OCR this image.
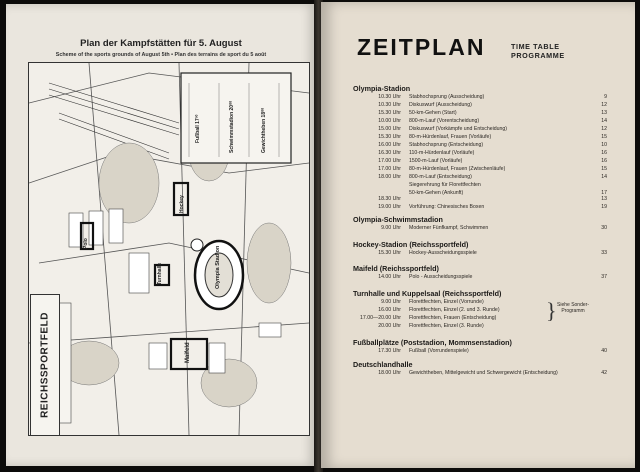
Plan der Kampfstätten für 5. August
Scheme of the sports grounds of August 5th • Plan des terrains de sport du 5 août
Fußball 17³⁰	Schwimmstadion 20⁰⁰	Gewichtheben 18⁰⁰
Olympia Stadion
Maifeld
Hockey
Turnhalle
Polo
REICHSSPORTFELD
ZEITPLAN	TIME TABLE
PROGRAMME
Olympia-Stadion
10.30 Uhr Stabhochsprung (Ausscheidung)	9
10.30 Uhr Diskuswurf (Ausscheidung)	12
15.30 Uhr 50-km-Gehen (Start)	13
10.00 Uhr 800-m-Lauf (Vorentscheidung)	14
15.00 Uhr Diskuswurf (Vorkämpfe und Entscheidung)	12
15.30 Uhr 80-m-Hürdenlauf, Frauen (Vorläufe)	15
16.00 Uhr Stabhochsprung (Entscheidung)	10
16.30 Uhr 110-m-Hürdenlauf (Vorläufe)	16
17.00 Uhr 1500-m-Lauf (Vorläufe)	16
17.00 Uhr 80-m-Hürdenlauf, Frauen (Zwischenläufe)	15
18.00 Uhr 800-m-Lauf (Entscheidung)	14
Siegerehrung für Florettfechten
50-km-Gehen (Ankunft)	17
18.30 Uhr	13
19.00 Uhr Vorführung: Chinesisches Boxen	19
Olympia-Schwimmstadion
9.00 Uhr Moderner Fünfkampf, Schwimmen	30
Hockey-Stadion (Reichssportfeld)
15.30 Uhr Hockey-Ausscheidungsspiele	33
Maifeld (Reichssportfeld)
14.00 Uhr Polo - Ausscheidungsspiele	37
Turnhalle und Kuppelsaal (Reichssportfeld)
9.00 Uhr Florettfechten, Einzel (Vorrunde)
16.00 Uhr Florettfechten, Einzel (2. und 3. Runde)
17.00—20.00 Uhr Florettfechten, Frauen (Entscheidung)
20.00 Uhr Florettfechten, Einzel (3. Runde)
} Siehe Sonder-Programm
Fußballplätze (Poststadion, Mommsenstadion)
17.30 Uhr Fußball (Vorrundenspiele)	40
Deutschlandhalle
18.00 Uhr Gewichtheben, Mittelgewicht und Schwergewicht (Entscheidung)	42
